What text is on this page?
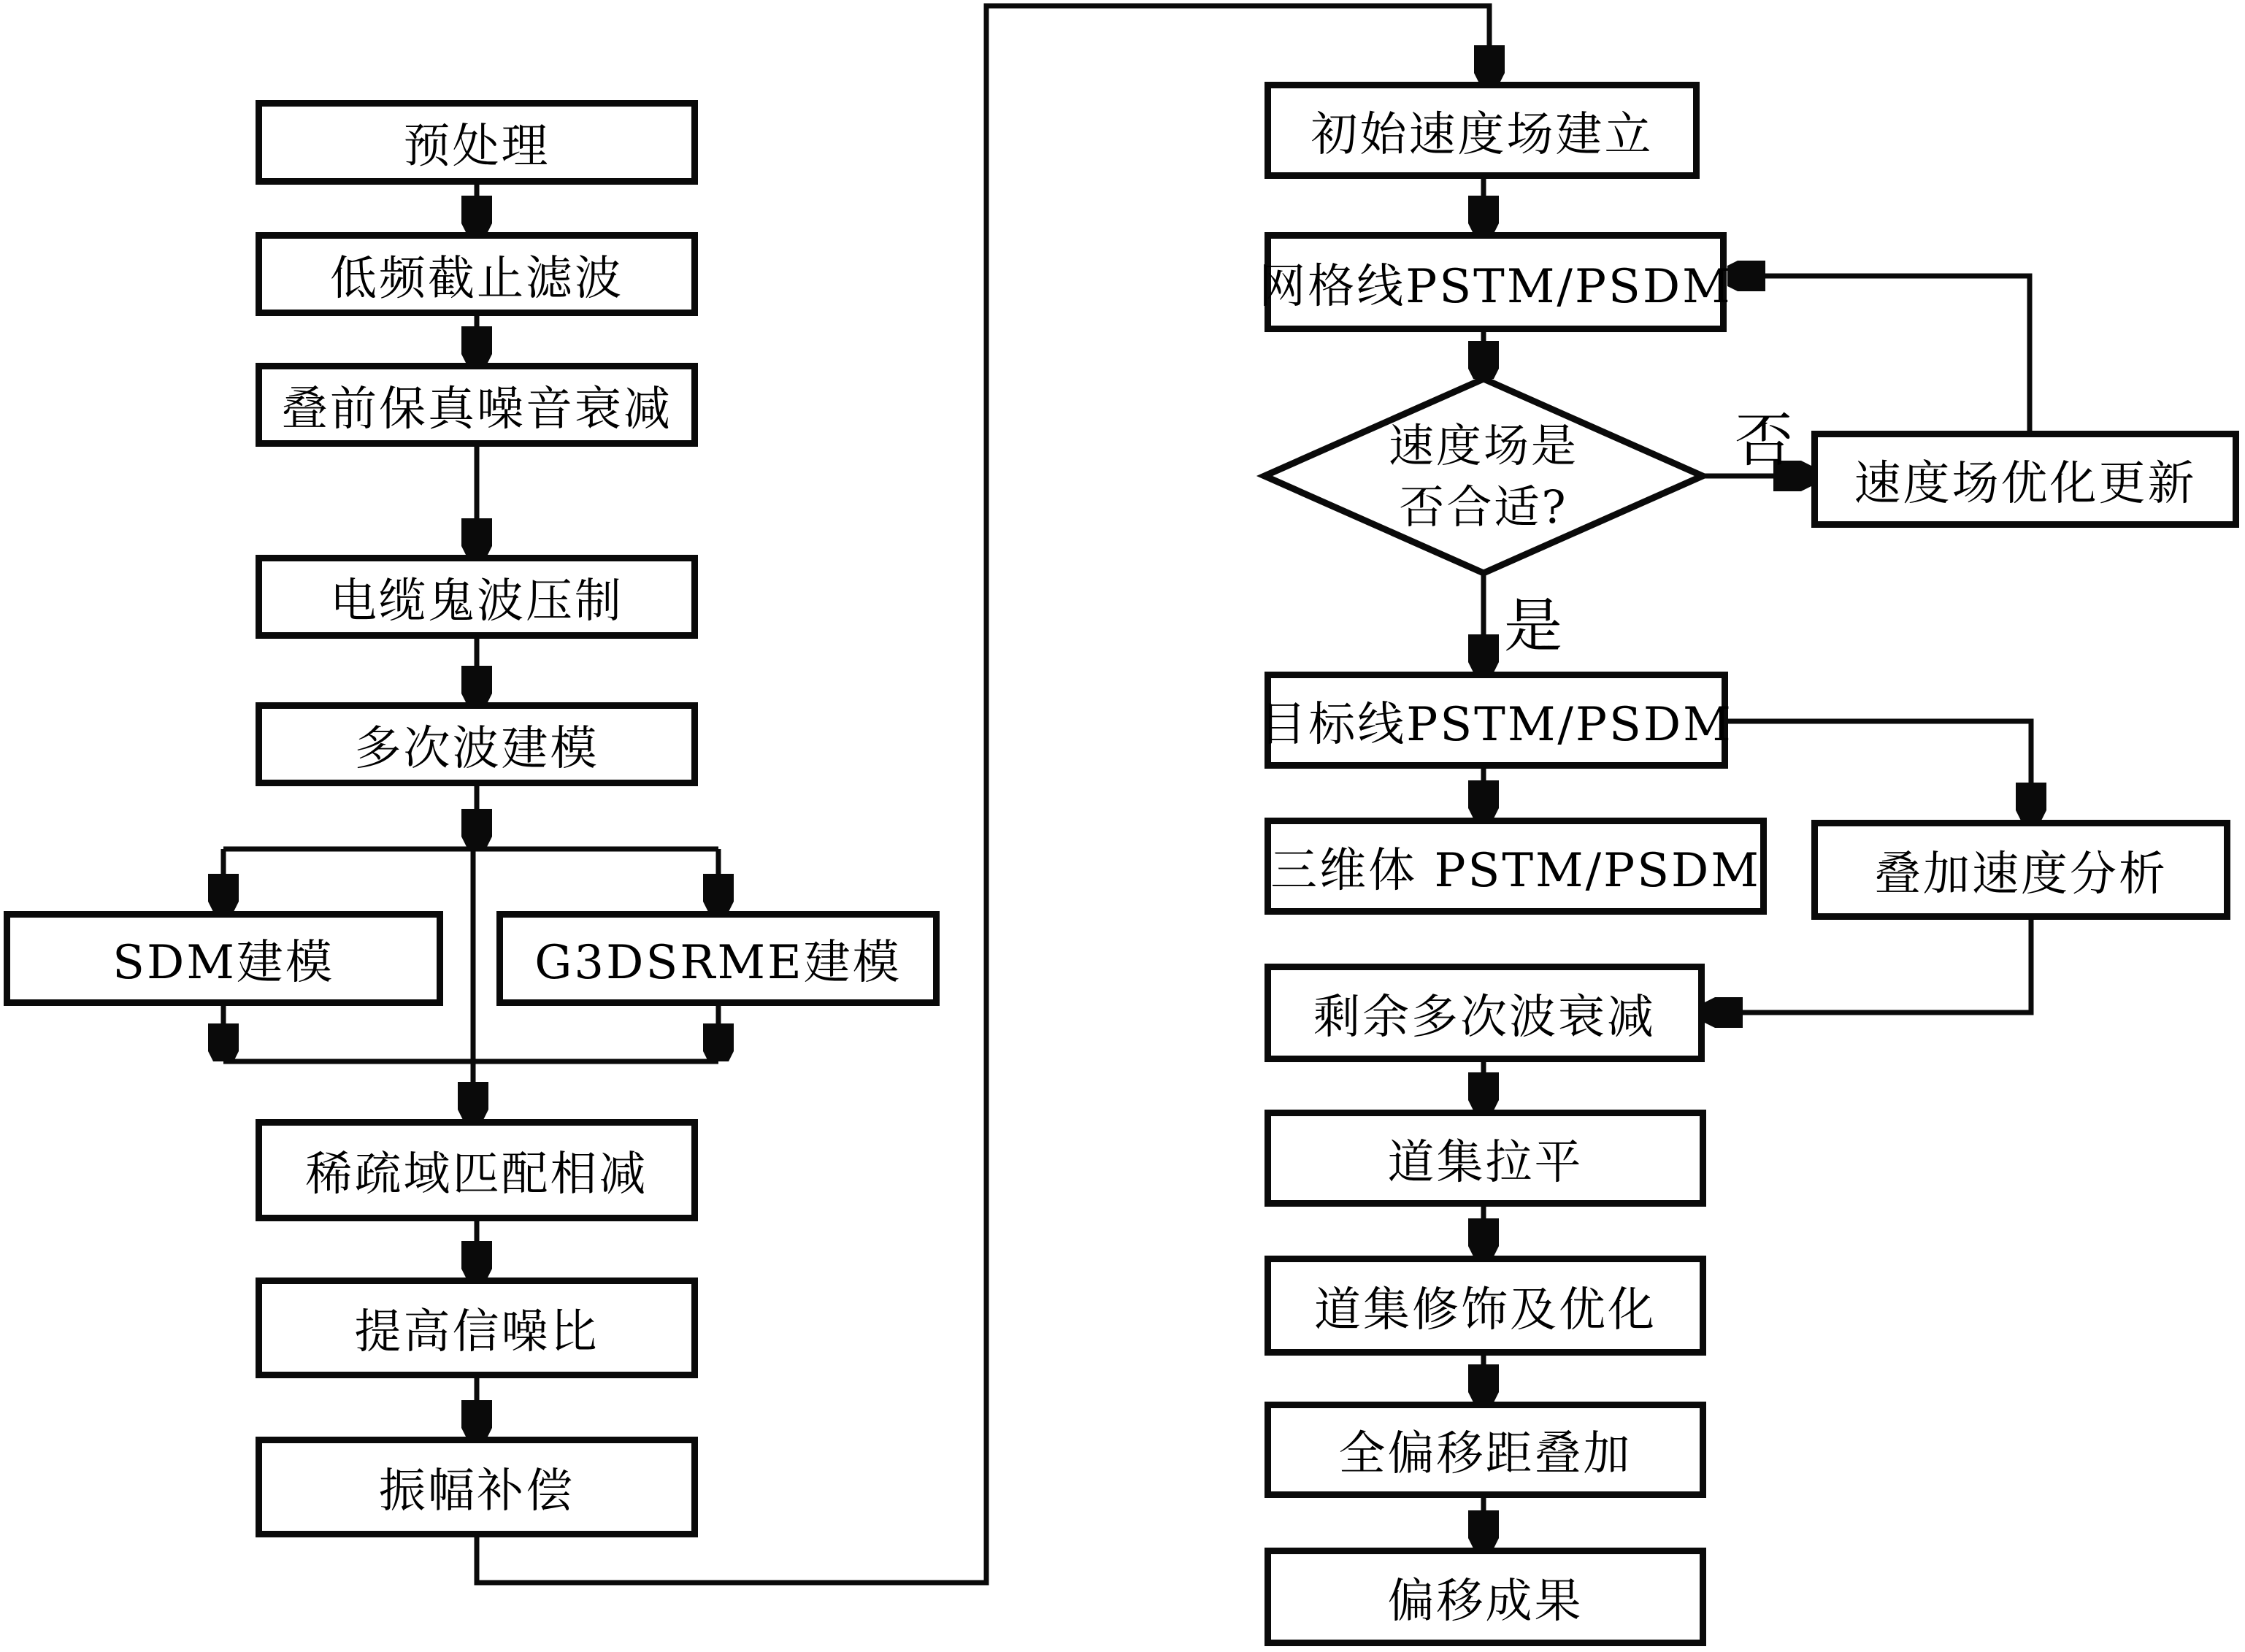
预处理
低频截止滤波
叠前保真噪音衰减
电缆鬼波压制
多次波建模
SDM建模	G3DSRME建模
稀疏域匹配相减
提高信噪比
振幅补偿
初始速度场建立
网格线PSTM/PSDM
速度场优化更新
目标线PSTM/PSDM
三维体 PSTM/PSDM 叠加速度分析
剩余多次波衰减
道集拉平
道集修饰及优化
全偏移距叠加
偏移成果
速度场是
否合适?
否
是
